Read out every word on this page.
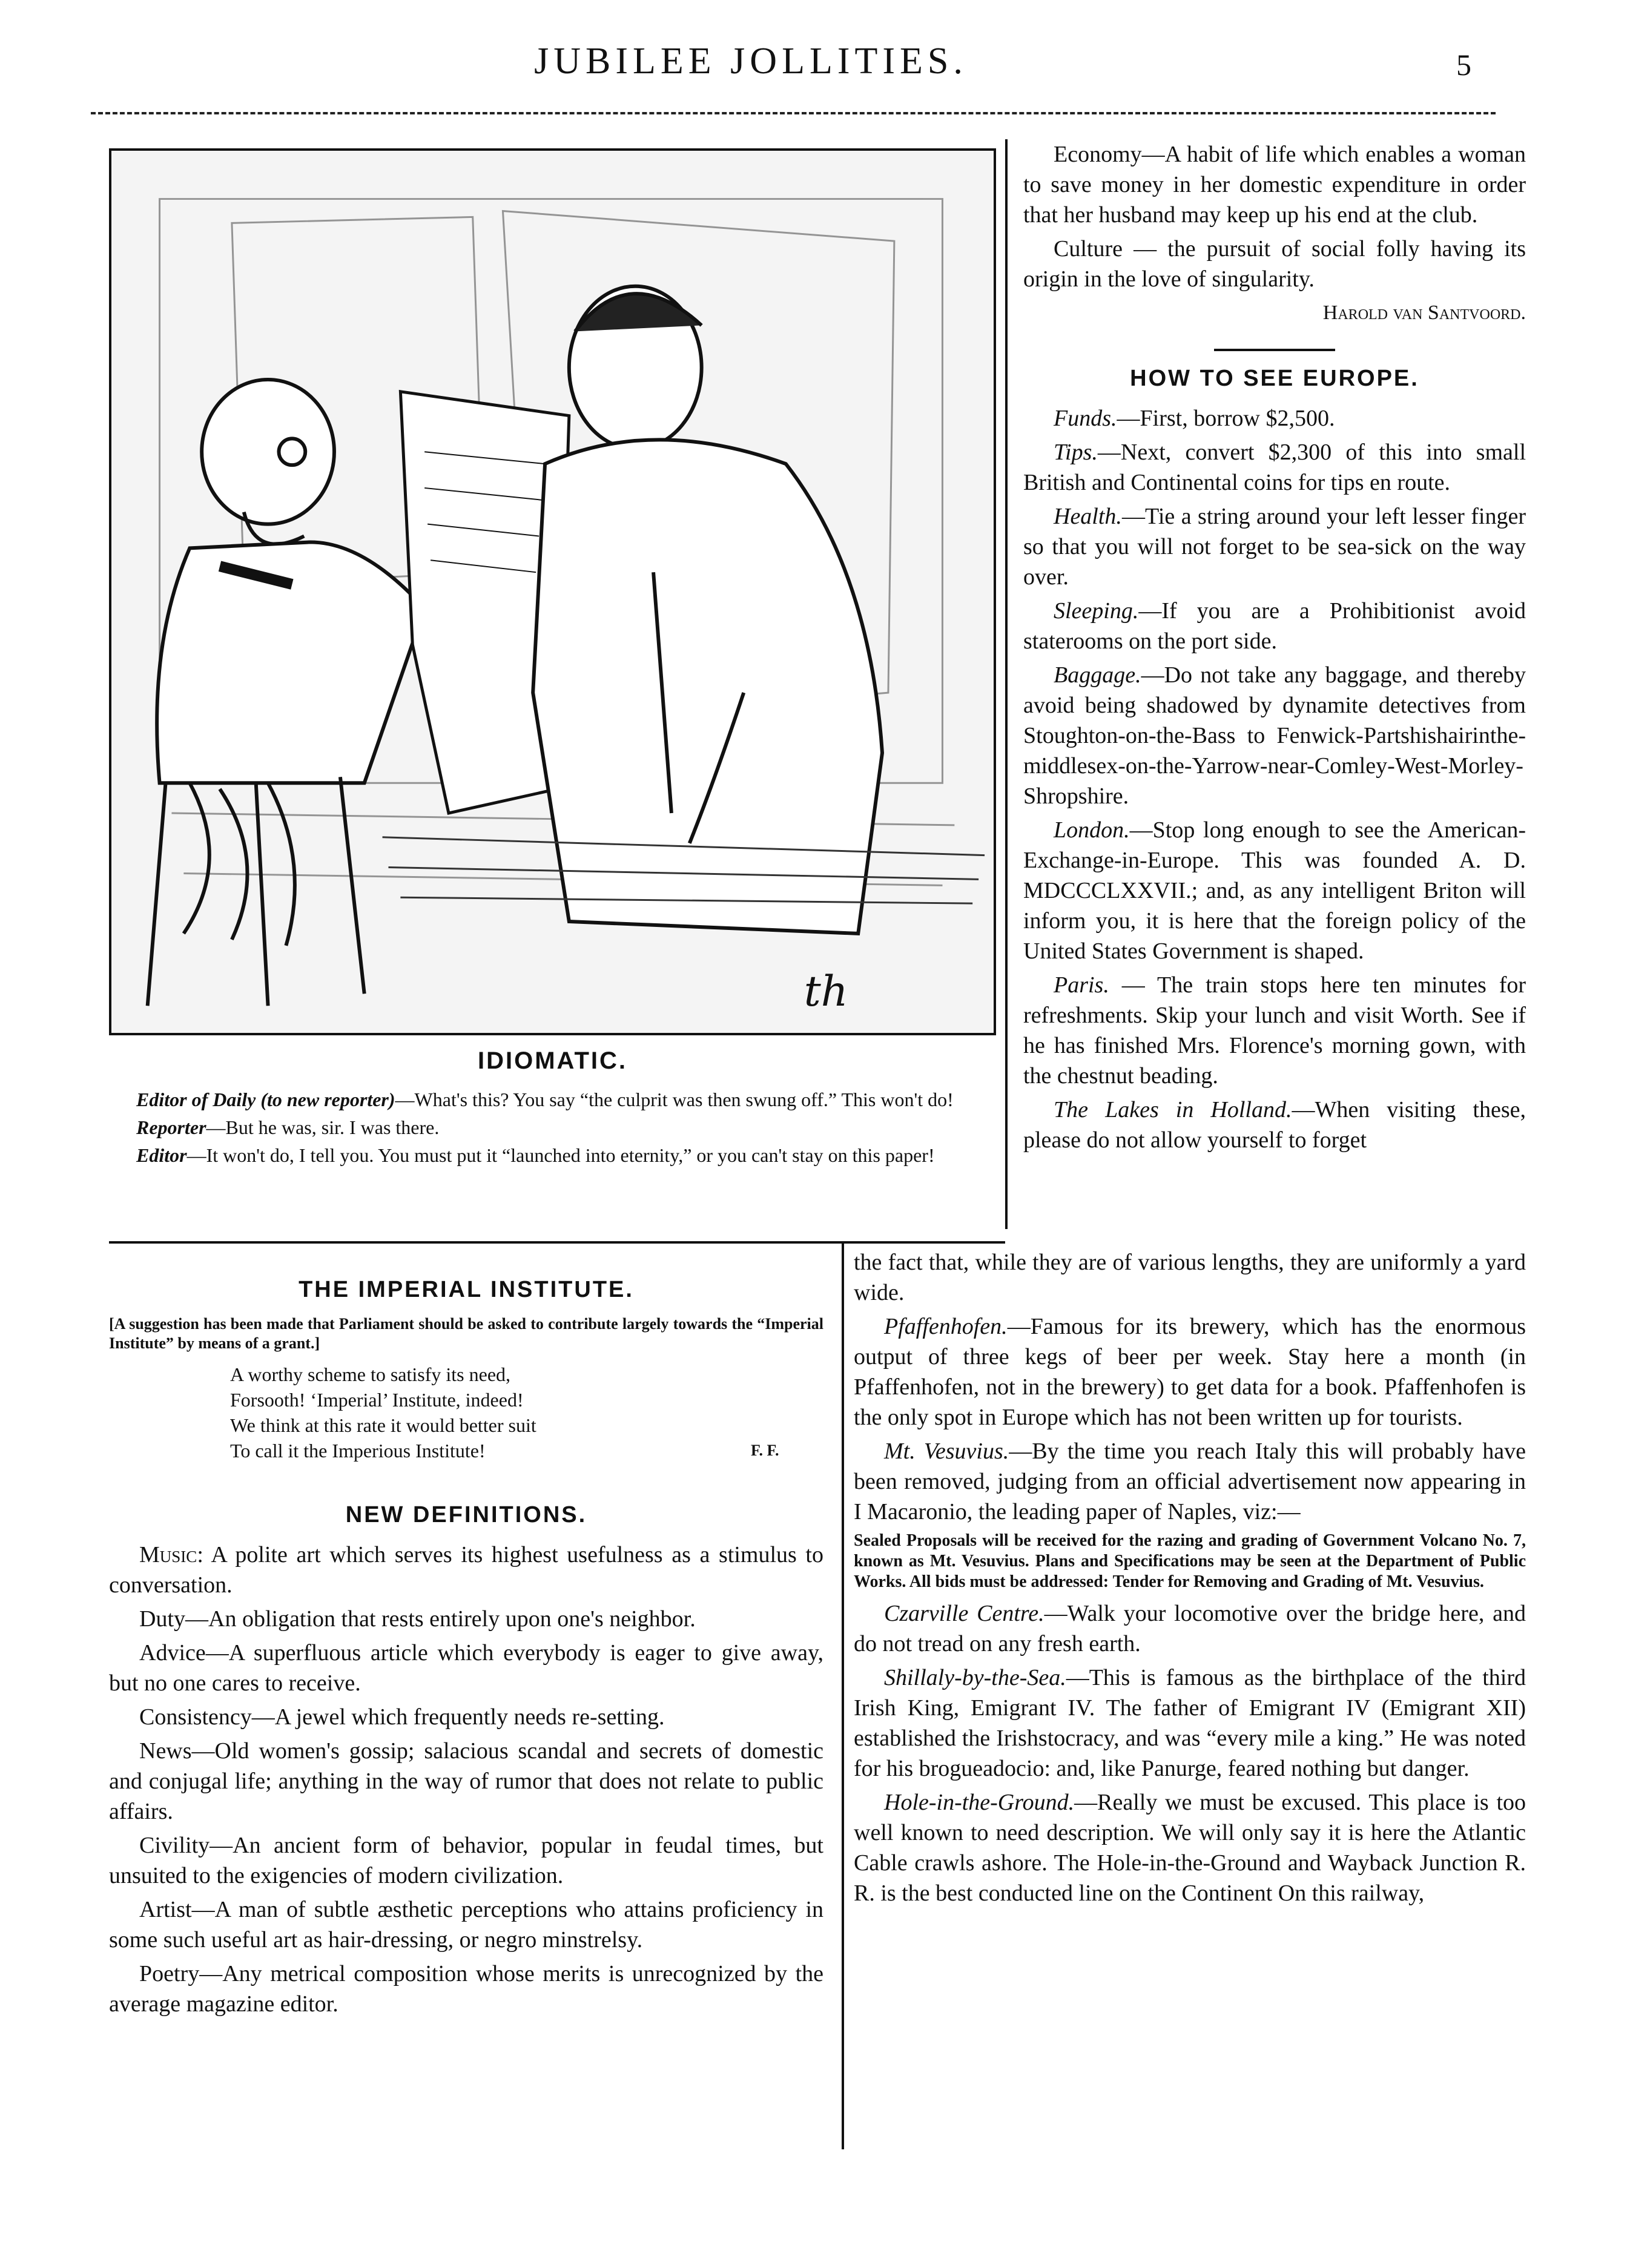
JUBILEE JOLLITIES.	5
th
IDIOMATIC.

Editor of Daily (to new reporter)—What's this? You say “the culprit was then swung off.” This won't do!

Reporter—But he was, sir. I was there.

Editor—It won't do, I tell you. You must put it “launched into eternity,” or you can't stay on this paper!

THE IMPERIAL INSTITUTE.
[A suggestion has been made that Parliament should be asked to contribute largely towards the “Imperial Institute” by means of a grant.]
A worthy scheme to satisfy its need,
Forsooth! ‘Imperial’ Institute, indeed!
We think at this rate it would better suit
To call it the Imperious Institute!	F. F.
NEW DEFINITIONS.

Music: A polite art which serves its highest usefulness as a stimulus to conversation.

Duty—An obligation that rests entirely upon one's neighbor.

Advice—A superfluous article which everybody is eager to give away, but no one cares to receive.

Consistency—A jewel which frequently needs re-setting.

News—Old women's gossip; salacious scandal and secrets of domestic and conjugal life; anything in the way of rumor that does not relate to public affairs.

Civility—An ancient form of behavior, popular in feudal times, but unsuited to the exigencies of modern civilization.

Artist—A man of subtle æsthetic perceptions who attains proficiency in some such useful art as hair-dressing, or negro minstrelsy.

Poetry—Any metrical composition whose merits is unrecognized by the average magazine editor.

Economy—A habit of life which enables a woman to save money in her domestic expenditure in order that her husband may keep up his end at the club.

Culture — the pursuit of social folly having its origin in the love of singularity.

Harold van Santvoord.
HOW TO SEE EUROPE.

Funds.—First, borrow $2,500.

Tips.—Next, convert $2,300 of this into small British and Continental coins for tips en route.

Health.—Tie a string around your left lesser finger so that you will not forget to be sea-sick on the way over.

Sleeping.—If you are a Prohibitionist avoid staterooms on the port side.

Baggage.—Do not take any baggage, and thereby avoid being shadowed by dynamite detectives from Stoughton-on-the-Bass to Fenwick-Partshishairinthe-middlesex-on-the-Yarrow-near-Comley-West-Morley-Shropshire.

London.—Stop long enough to see the American-Exchange-in-Europe. This was founded A. D. MDCCCLXXVII.; and, as any intelligent Briton will inform you, it is here that the foreign policy of the United States Government is shaped.

Paris. — The train stops here ten minutes for refreshments. Skip your lunch and visit Worth. See if he has finished Mrs. Florence's morning gown, with the chestnut beading.

The Lakes in Holland.—When visiting these, please do not allow yourself to forget

the fact that, while they are of various lengths, they are uniformly a yard wide.

Pfaffenhofen.—Famous for its brewery, which has the enormous output of three kegs of beer per week. Stay here a month (in Pfaffenhofen, not in the brewery) to get data for a book. Pfaffenhofen is the only spot in Europe which has not been written up for tourists.

Mt. Vesuvius.—By the time you reach Italy this will probably have been removed, judging from an official advertisement now appearing in I Macaronio, the leading paper of Naples, viz:—

Sealed Proposals will be received for the razing and grading of Government Volcano No. 7, known as Mt. Vesuvius. Plans and Specifications may be seen at the Department of Public Works. All bids must be addressed: Tender for Removing and Grading of Mt. Vesuvius.

Czarville Centre.—Walk your locomotive over the bridge here, and do not tread on any fresh earth.

Shillaly-by-the-Sea.—This is famous as the birthplace of the third Irish King, Emigrant IV. The father of Emigrant IV (Emigrant XII) established the Irishstocracy, and was “every mile a king.” He was noted for his brogueadocio: and, like Panurge, feared nothing but danger.

Hole-in-the-Ground.—Really we must be excused. This place is too well known to need description. We will only say it is here the Atlantic Cable crawls ashore. The Hole-in-the-Ground and Wayback Junction R. R. is the best conducted line on the Continent On this railway,
